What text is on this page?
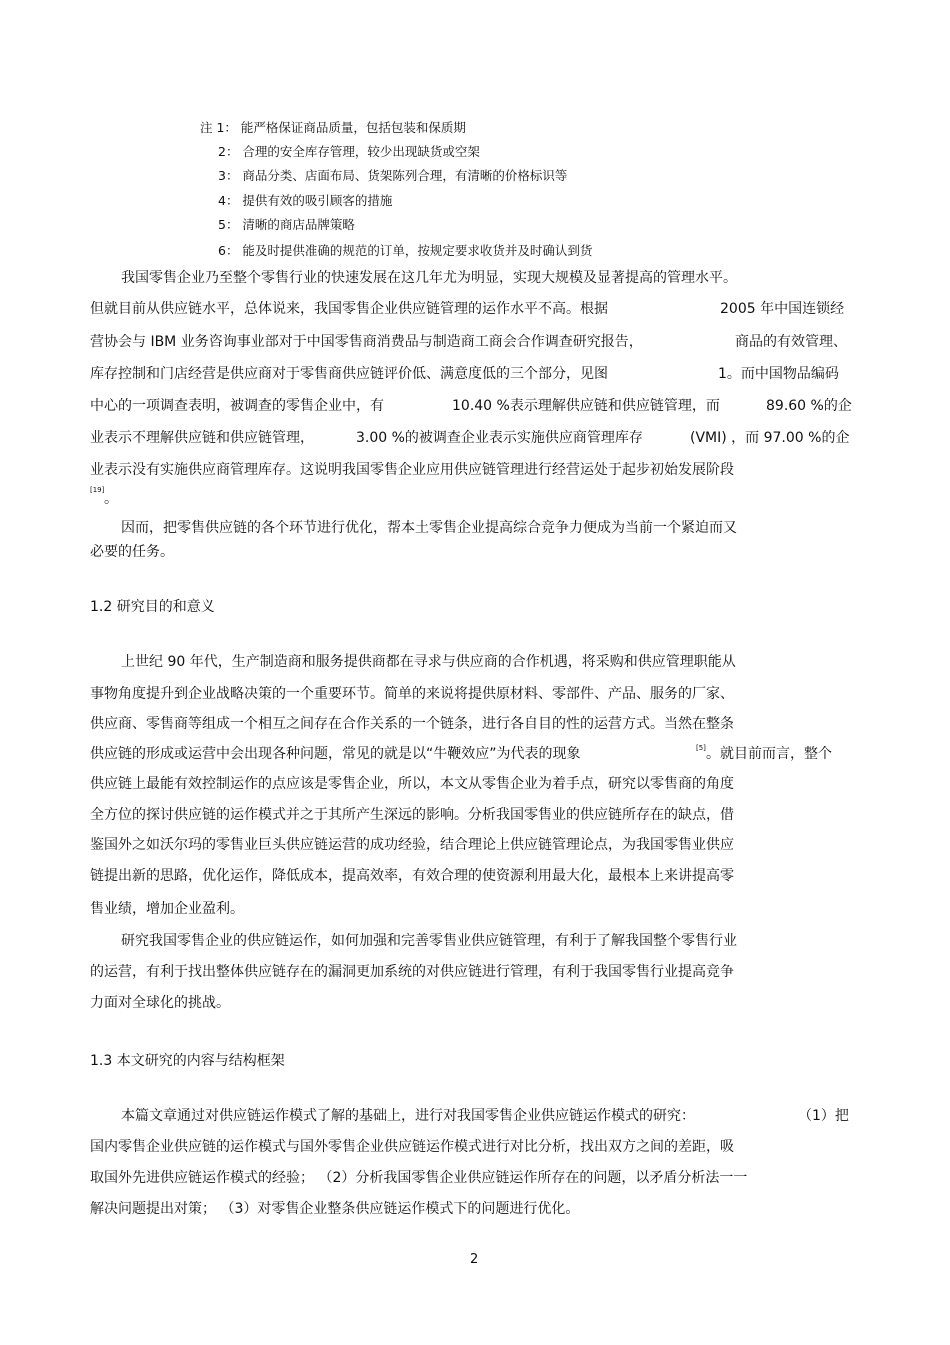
注 1： 能严格保证商品质量，包括包装和保质期
2： 合理的安全库存管理，较少出现缺货或空架
3： 商品分类、店面布局、货架陈列合理，有清晰的价格标识等
4： 提供有效的吸引顾客的措施
5： 清晰的商店品牌策略
6： 能及时提供准确的规范的订单，按规定要求收货并及时确认到货
我国零售企业乃至整个零售行业的快速发展在这几年尤为明显，实现大规模及显著提高的管理水平。
但就目前从供应链水平，总体说来，我国零售企业供应链管理的运作水平不高。根据	2005 年中国连锁经
营协会与 IBM 业务咨询事业部对于中国零售商消费品与制造商工商会合作调查研究报告，	商品的有效管理、
库存控制和门店经营是供应商对于零售商供应链评价低、满意度低的三个部分，见图	1。而中国物品编码
中心的一项调查表明，被调查的零售企业中，有	10.40 %表示理解供应链和供应链管理，而	89.60 %的企
业表示不理解供应链和供应链管理，	3.00 %的被调查企业表示实施供应商管理库存	(VMI) ，而 97.00 %的企
业表示没有实施供应商管理库存。这说明我国零售企业应用供应链管理进行经营运处于起步初始发展阶段
[19]
。
因而，把零售供应链的各个环节进行优化，帮本土零售企业提高综合竞争力便成为当前一个紧迫而又
必要的任务。
1.2 研究目的和意义
上世纪 90 年代，生产制造商和服务提供商都在寻求与供应商的合作机遇，将采购和供应管理职能从
事物角度提升到企业战略决策的一个重要环节。简单的来说将提供原材料、零部件、产品、服务的厂家、
供应商、零售商等组成一个相互之间存在合作关系的一个链条，进行各自目的性的运营方式。当然在整条
供应链的形成或运营中会出现各种问题，常见的就是以“牛鞭效应”为代表的现象	[5] 。就目前而言，整个
供应链上最能有效控制运作的点应该是零售企业，所以，本文从零售企业为着手点，研究以零售商的角度
全方位的探讨供应链的运作模式并之于其所产生深远的影响。分析我国零售业的供应链所存在的缺点，借
鉴国外之如沃尔玛的零售业巨头供应链运营的成功经验，结合理论上供应链管理论点，为我国零售业供应
链提出新的思路，优化运作，降低成本，提高效率，有效合理的使资源利用最大化，最根本上来讲提高零
售业绩，增加企业盈利。
研究我国零售企业的供应链运作，如何加强和完善零售业供应链管理，有利于了解我国整个零售行业
的运营，有利于找出整体供应链存在的漏洞更加系统的对供应链进行管理，有利于我国零售行业提高竞争
力面对全球化的挑战。
1.3 本文研究的内容与结构框架
本篇文章通过对供应链运作模式了解的基础上，进行对我国零售企业供应链运作模式的研究：	（1）把
国内零售企业供应链的运作模式与国外零售企业供应链运作模式进行对比分析，找出双方之间的差距，吸
取国外先进供应链运作模式的经验； （2）分析我国零售企业供应链运作所存在的问题，以矛盾分析法一一
解决问题提出对策； （3）对零售企业整条供应链运作模式下的问题进行优化。
2
